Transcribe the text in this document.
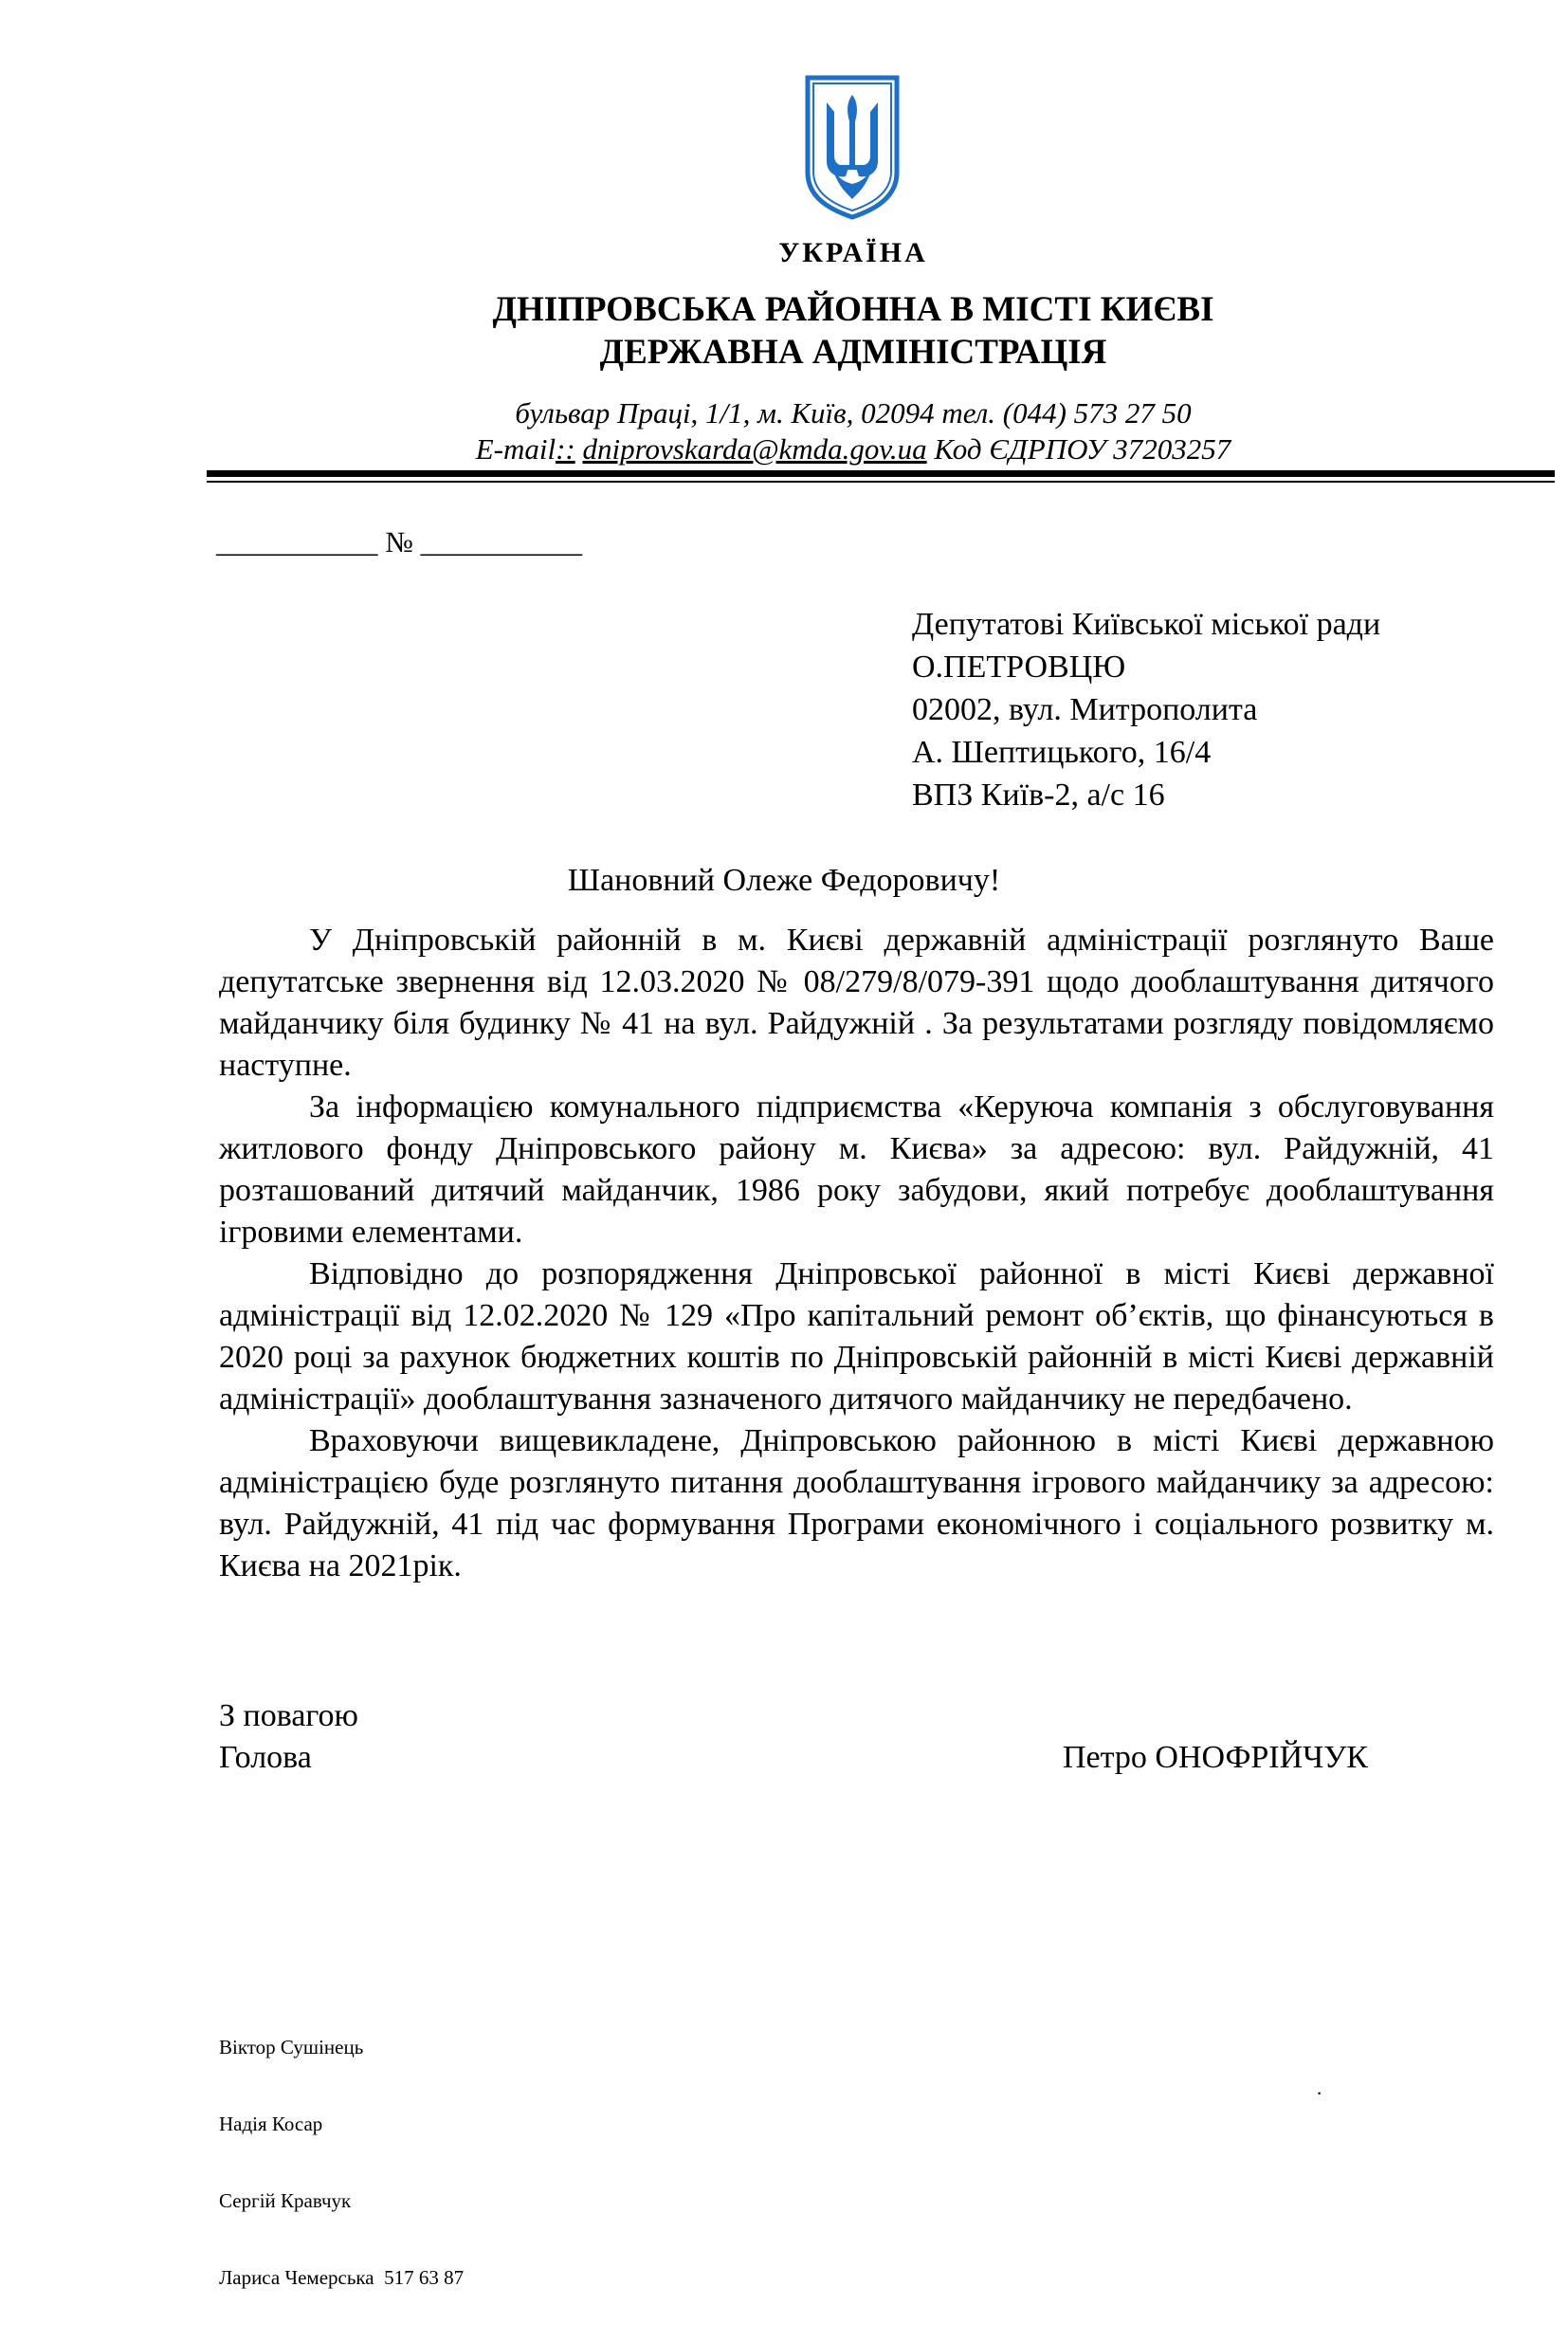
УКРАЇНА
ДНІПРОВСЬКА РАЙОННА В МІСТІ КИЄВІ
ДЕРЖАВНА АДМІНІСТРАЦІЯ
бульвар Праці, 1/1, м. Київ, 02094 тел. (044) 573 27 50
E-mail:: dniprovskarda@kmda.gov.ua Код ЄДРПОУ 37203257
___________ № ___________
Депутатові Київської міської ради
О.ПЕТРОВЦЮ
02002, вул. Митрополита
А. Шептицького, 16/4
ВПЗ Київ-2, а/с 16
Шановний Олеже Федоровичу!

У Дніпровській районній в м. Києві державній адміністрації розглянуто Ваше депутатське звернення від 12.03.2020 № 08/279/8/079-391 щодо дооблаштування дитячого майданчику біля будинку № 41 на вул. Райдужній . За результатами розгляду повідомляємо наступне.

За інформацією комунального підприємства «Керуюча компанія з обслуговування житлового фонду Дніпровського району м. Києва» за адресою: вул. Райдужній, 41 розташований дитячий майданчик, 1986 року забудови, який потребує дооблаштування ігровими елементами.

Відповідно до розпорядження Дніпровської районної в місті Києві державної адміністрації від 12.02.2020 № 129 «Про капітальний ремонт об’єктів, що фінансуються в 2020 році за рахунок бюджетних коштів по Дніпровській районній в місті Києві державній адміністрації» дооблаштування зазначеного дитячого майданчику не передбачено.

Враховуючи вищевикладене, Дніпровською районною в місті Києві державною адміністрацією буде розглянуто питання дооблаштування ігрового майданчику за адресою: вул. Райдужній, 41 під час формування Програми економічного і соціального розвитку м. Києва на 2021рік.

З повагою
Голова	Петро ОНОФРІЙЧУК

Віктор Сушінець

Надія Косар

Сергій Кравчук

Лариса Чемерська  517 63 87

.
